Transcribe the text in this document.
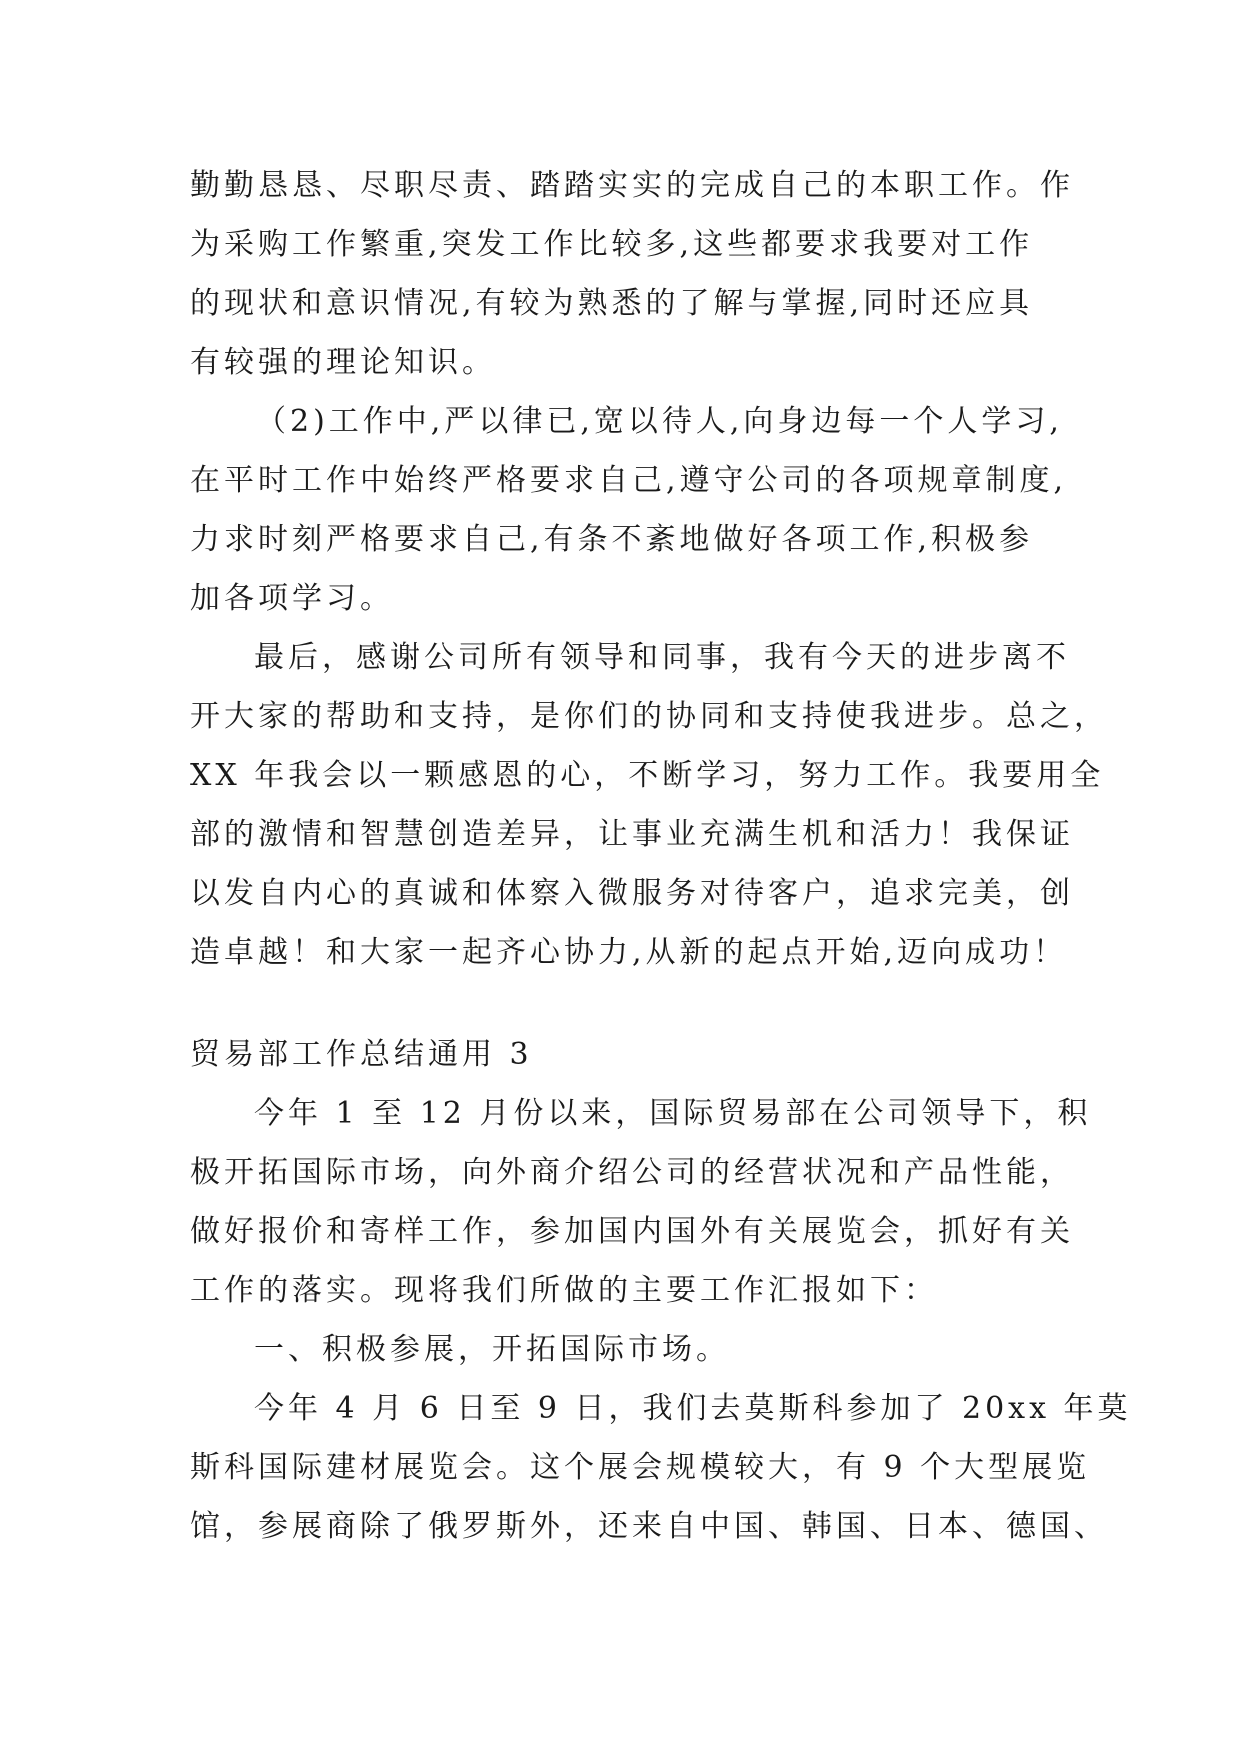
勤勤恳恳、尽职尽责、踏踏实实的完成自己的本职工作。作
为采购工作繁重,突发工作比较多,这些都要求我要对工作
的现状和意识情况,有较为熟悉的了解与掌握,同时还应具
有较强的理论知识。
（2)工作中,严以律已,宽以待人,向身边每一个人学习,
在平时工作中始终严格要求自己,遵守公司的各项规章制度,
力求时刻严格要求自己,有条不紊地做好各项工作,积极参
加各项学习。
最后，感谢公司所有领导和同事，我有今天的进步离不
开大家的帮助和支持，是你们的协同和支持使我进步。总之，
XX 年我会以一颗感恩的心，不断学习，努力工作。我要用全
部的激情和智慧创造差异，让事业充满生机和活力！我保证
以发自内心的真诚和体察入微服务对待客户，追求完美，创
造卓越！和大家一起齐心协力,从新的起点开始,迈向成功！
贸易部工作总结通用 3
今年 1 至 12 月份以来，国际贸易部在公司领导下，积
极开拓国际市场，向外商介绍公司的经营状况和产品性能，
做好报价和寄样工作，参加国内国外有关展览会，抓好有关
工作的落实。现将我们所做的主要工作汇报如下：
一、积极参展，开拓国际市场。
今年 4 月 6 日至 9 日，我们去莫斯科参加了 20xx 年莫
斯科国际建材展览会。这个展会规模较大，有 9 个大型展览
馆，参展商除了俄罗斯外，还来自中国、韩国、日本、德国、
